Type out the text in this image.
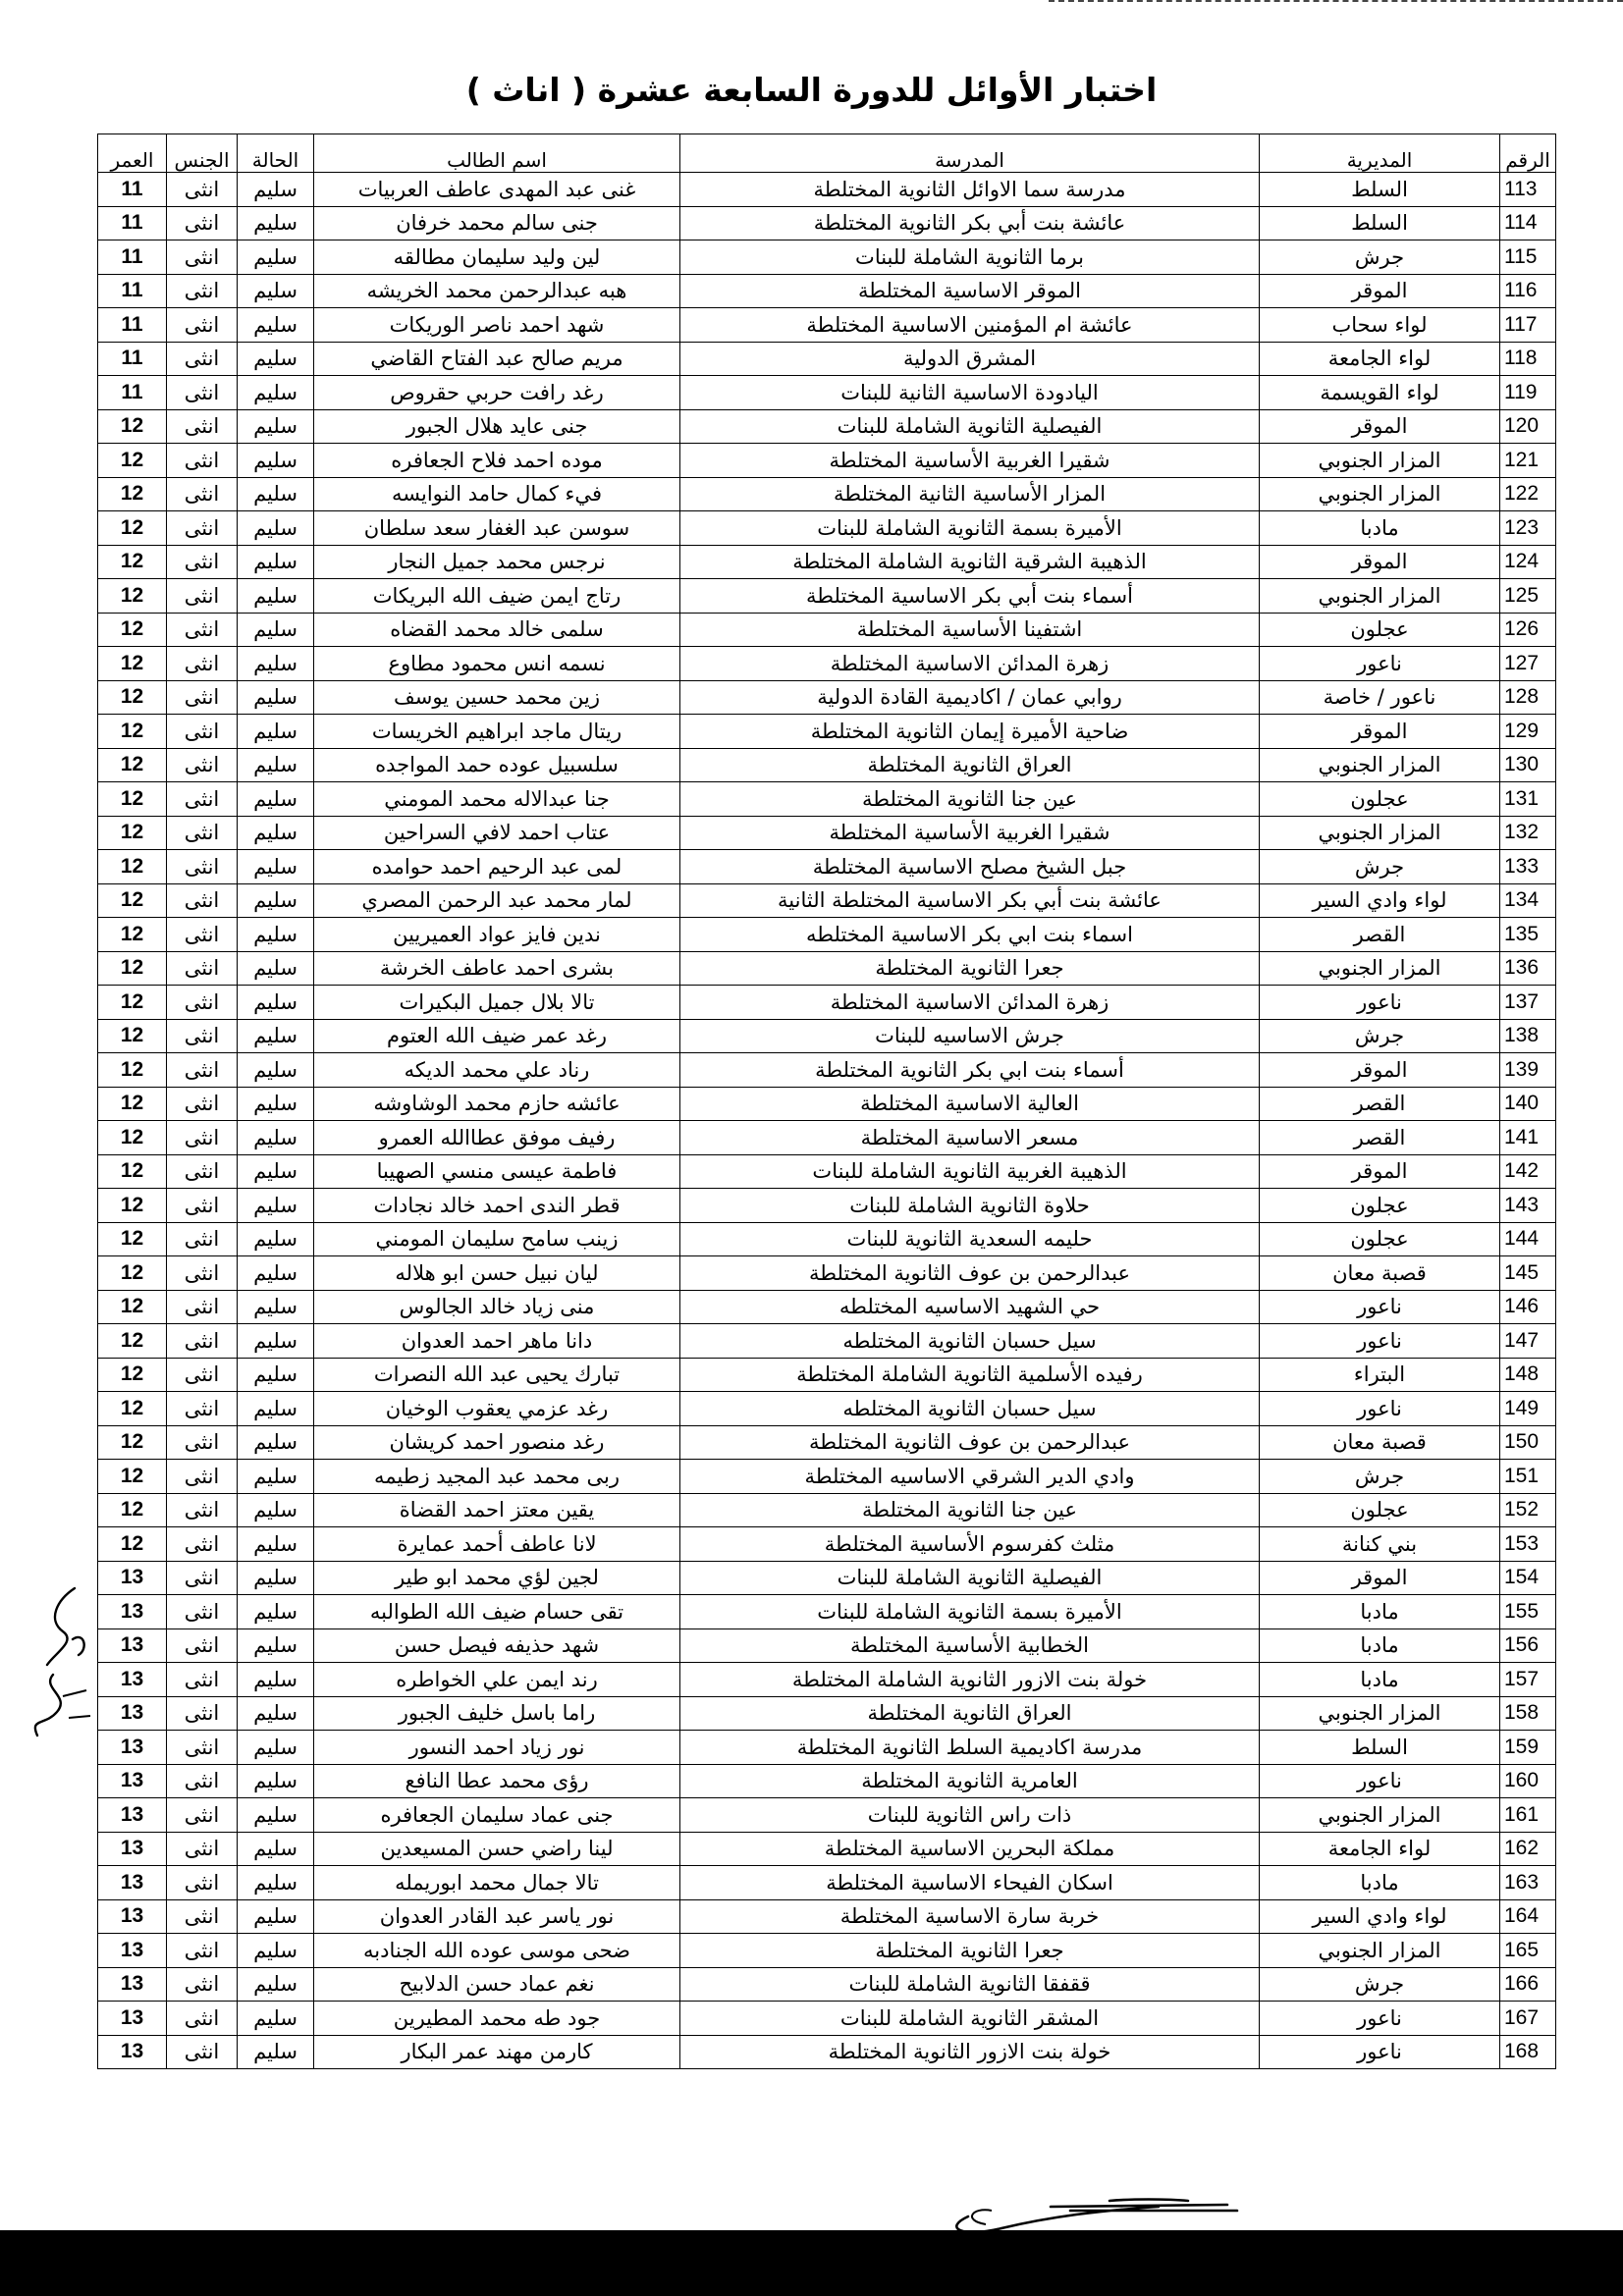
اختبار الأوائل للدورة السابعة عشرة ( اناث )
الرقم	المديرية	المدرسة	اسم الطالب	الحالة	الجنس	العمر
113	السلط	مدرسة سما الاوائل الثانوية المختلطة	غنى عبد المهدى عاطف العربيات	سليم	انثى	11
114	السلط	عائشة بنت أبي بكر الثانوية المختلطة	جنى سالم محمد خرفان	سليم	انثى	11
115	جرش	برما الثانوية الشاملة للبنات	لين وليد سليمان مطالقه	سليم	انثى	11
116	الموقر	الموقر الاساسية المختلطة	هبه عبدالرحمن محمد الخريشه	سليم	انثى	11
117	لواء سحاب	عائشة ام المؤمنين الاساسية المختلطة	شهد احمد ناصر الوريكات	سليم	انثى	11
118	لواء الجامعة	المشرق الدولية	مريم صالح عبد الفتاح القاضي	سليم	انثى	11
119	لواء القويسمة	اليادودة الاساسية الثانية للبنات	رغد رافت حربي حقروص	سليم	انثى	11
120	الموقر	الفيصلية الثانوية الشاملة للبنات	جنى عايد هلال الجبور	سليم	انثى	12
121	المزار الجنوبي	شقيرا الغربية الأساسية المختلطة	موده احمد فلاح الجعافره	سليم	انثى	12
122	المزار الجنوبي	المزار الأساسية الثانية المختلطة	فيء كمال حامد النوايسه	سليم	انثى	12
123	مادبا	الأميرة بسمة الثانوية الشاملة للبنات	سوسن عبد الغفار سعد سلطان	سليم	انثى	12
124	الموقر	الذهيبة الشرقية الثانوية الشاملة المختلطة	نرجس محمد جميل النجار	سليم	انثى	12
125	المزار الجنوبي	أسماء بنت أبي بكر الاساسية المختلطة	رتاج ايمن ضيف الله البريكات	سليم	انثى	12
126	عجلون	اشتفينا الأساسية المختلطة	سلمى خالد محمد القضاه	سليم	انثى	12
127	ناعور	زهرة المدائن الاساسية المختلطة	نسمه انس محمود مطاوع	سليم	انثى	12
128	ناعور / خاصة	روابي عمان / اكاديمية القادة الدولية	زين محمد حسين يوسف	سليم	انثى	12
129	الموقر	ضاحية الأميرة إيمان الثانوية المختلطة	ريتال ماجد ابراهيم الخريسات	سليم	انثى	12
130	المزار الجنوبي	العراق الثانوية المختلطة	سلسبيل عوده حمد المواجده	سليم	انثى	12
131	عجلون	عين جنا الثانوية المختلطة	جنا عبدالاله محمد المومني	سليم	انثى	12
132	المزار الجنوبي	شقيرا الغربية الأساسية المختلطة	عتاب احمد لافي السراحين	سليم	انثى	12
133	جرش	جبل الشيخ مصلح الاساسية المختلطة	لمى عبد الرحيم احمد حوامده	سليم	انثى	12
134	لواء وادي السير	عائشة بنت أبي بكر الاساسية المختلطة الثانية	لمار محمد عبد الرحمن المصري	سليم	انثى	12
135	القصر	اسماء بنت ابي بكر الاساسية المختلطه	ندين فايز عواد العميريين	سليم	انثى	12
136	المزار الجنوبي	جعرا الثانوية المختلطة	بشرى احمد عاطف الخرشة	سليم	انثى	12
137	ناعور	زهرة المدائن الاساسية المختلطة	تالا بلال جميل البكيرات	سليم	انثى	12
138	جرش	جرش الاساسيه للبنات	رغد عمر ضيف الله العتوم	سليم	انثى	12
139	الموقر	أسماء بنت ابي بكر الثانوية المختلطة	رناد علي محمد الديكه	سليم	انثى	12
140	القصر	العالية الاساسية المختلطة	عائشه حازم محمد الوشاوشه	سليم	انثى	12
141	القصر	مسعر الاساسية المختلطة	رفيف موفق عطاالله العمرو	سليم	انثى	12
142	الموقر	الذهيبة الغربية الثانوية الشاملة للبنات	فاطمة عيسى منسي الصهيبا	سليم	انثى	12
143	عجلون	حلاوة الثانوية الشاملة للبنات	قطر الندى احمد خالد نجادات	سليم	انثى	12
144	عجلون	حليمه السعدية الثانوية للبنات	زينب سامح سليمان المومني	سليم	انثى	12
145	قصبة معان	عبدالرحمن بن عوف الثانوية المختلطة	ليان نبيل حسن ابو هلاله	سليم	انثى	12
146	ناعور	حي الشهيد الاساسيه المختلطه	منى زياد خالد الجالوس	سليم	انثى	12
147	ناعور	سيل حسبان الثانوية المختلطه	دانا ماهر احمد العدوان	سليم	انثى	12
148	البتراء	رفيده الأسلمية الثانوية الشاملة المختلطة	تبارك يحيى عبد الله النصرات	سليم	انثى	12
149	ناعور	سيل حسبان الثانوية المختلطه	رغد عزمي يعقوب الوخيان	سليم	انثى	12
150	قصبة معان	عبدالرحمن بن عوف الثانوية المختلطة	رغد منصور احمد كريشان	سليم	انثى	12
151	جرش	وادي الدير الشرقي الاساسيه المختلطة	ربى محمد عبد المجيد زطيمه	سليم	انثى	12
152	عجلون	عين جنا الثانوية المختلطة	يقين معتز احمد القضاة	سليم	انثى	12
153	بني كنانة	مثلث كفرسوم الأساسية المختلطة	لانا عاطف أحمد عمايرة	سليم	انثى	12
154	الموقر	الفيصلية الثانوية الشاملة للبنات	لجين لؤي محمد ابو طير	سليم	انثى	13
155	مادبا	الأميرة بسمة الثانوية الشاملة للبنات	تقى حسام ضيف الله الطوالبه	سليم	انثى	13
156	مادبا	الخطابية الأساسية المختلطة	شهد حذيفه فيصل حسن	سليم	انثى	13
157	مادبا	خولة بنت الازور الثانوية الشاملة المختلطة	رند ايمن علي الخواطره	سليم	انثى	13
158	المزار الجنوبي	العراق الثانوية المختلطة	راما باسل خليف الجبور	سليم	انثى	13
159	السلط	مدرسة اكاديمية السلط الثانوية المختلطة	نور زياد احمد النسور	سليم	انثى	13
160	ناعور	العامرية الثانوية المختلطة	رؤى محمد عطا النافع	سليم	انثى	13
161	المزار الجنوبي	ذات راس الثانوية للبنات	جنى عماد سليمان الجعافره	سليم	انثى	13
162	لواء الجامعة	مملكة البحرين الاساسية المختلطة	لينا راضي حسن المسيعدين	سليم	انثى	13
163	مادبا	اسكان الفيحاء الاساسية المختلطة	تالا جمال محمد ابوريمله	سليم	انثى	13
164	لواء وادي السير	خربة سارة الاساسية المختلطة	نور ياسر عبد القادر العدوان	سليم	انثى	13
165	المزار الجنوبي	جعرا الثانوية المختلطة	ضحى موسى عوده الله الجنادبه	سليم	انثى	13
166	جرش	ققفقا الثانوية الشاملة للبنات	نغم عماد حسن الدلابيح	سليم	انثى	13
167	ناعور	المشقر الثانوية الشاملة للبنات	جود طه محمد المطيرين	سليم	انثى	13
168	ناعور	خولة بنت الازور الثانوية المختلطة	كارمن مهند عمر البكار	سليم	انثى	13
